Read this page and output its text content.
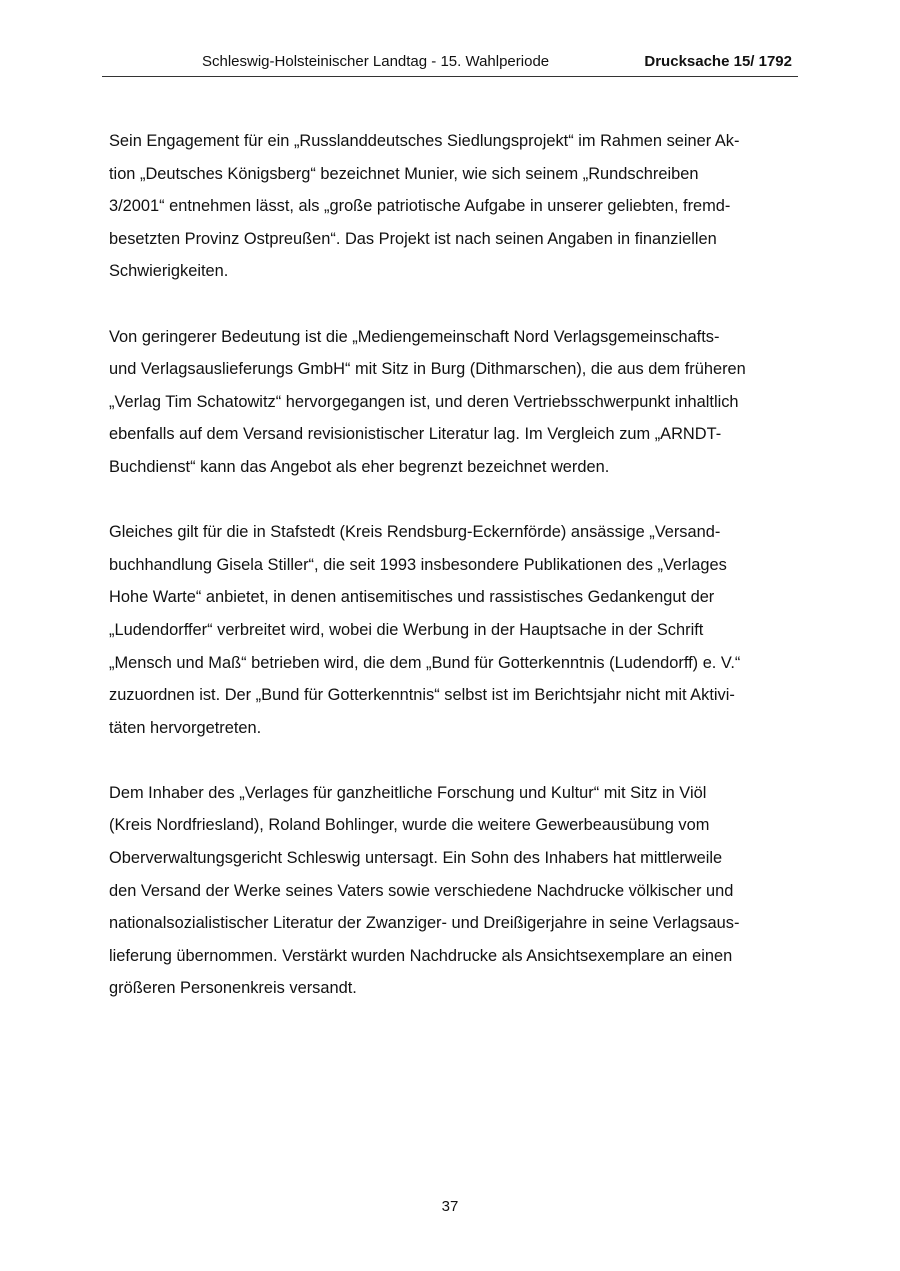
Schleswig-Holsteinischer Landtag - 15. Wahlperiode	Drucksache 15/ 1792

Sein Engagement für ein „Russlanddeutsches Siedlungsprojekt“ im Rahmen seiner Ak-
tion „Deutsches Königsberg“ bezeichnet Munier, wie sich seinem „Rundschreiben
3/2001“ entnehmen lässt, als „große patriotische Aufgabe in unserer geliebten, fremd-
besetzten Provinz Ostpreußen“. Das Projekt ist nach seinen Angaben in finanziellen
Schwierigkeiten.

Von geringerer Bedeutung ist die „Mediengemeinschaft Nord Verlagsgemeinschafts-
und Verlagsauslieferungs GmbH“ mit Sitz in Burg (Dithmarschen), die aus dem früheren
„Verlag Tim Schatowitz“ hervorgegangen ist, und deren Vertriebsschwerpunkt inhaltlich
ebenfalls auf dem Versand revisionistischer Literatur lag. Im Vergleich zum „ARNDT-
Buchdienst“ kann das Angebot als eher begrenzt bezeichnet werden.

Gleiches gilt für die in Stafstedt (Kreis Rendsburg-Eckernförde) ansässige „Versand-
buchhandlung Gisela Stiller“, die seit 1993 insbesondere Publikationen des „Verlages
Hohe Warte“ anbietet, in denen antisemitisches und rassistisches Gedankengut der
„Ludendorffer“ verbreitet wird, wobei die Werbung in der Hauptsache in der Schrift
„Mensch und Maß“ betrieben wird, die dem „Bund für Gotterkenntnis (Ludendorff) e. V.“
zuzuordnen ist. Der „Bund für Gotterkenntnis“ selbst ist im Berichtsjahr nicht mit Aktivi-
täten hervorgetreten.

Dem Inhaber des „Verlages für ganzheitliche Forschung und Kultur“ mit Sitz in Viöl
(Kreis Nordfriesland), Roland Bohlinger, wurde die weitere Gewerbeausübung vom
Oberverwaltungsgericht Schleswig untersagt. Ein Sohn des Inhabers hat mittlerweile
den Versand der Werke seines Vaters sowie verschiedene Nachdrucke völkischer und
nationalsozialistischer Literatur der Zwanziger- und Dreißigerjahre in seine Verlagsaus-
lieferung übernommen. Verstärkt wurden Nachdrucke als Ansichtsexemplare an einen
größeren Personenkreis versandt.

37
